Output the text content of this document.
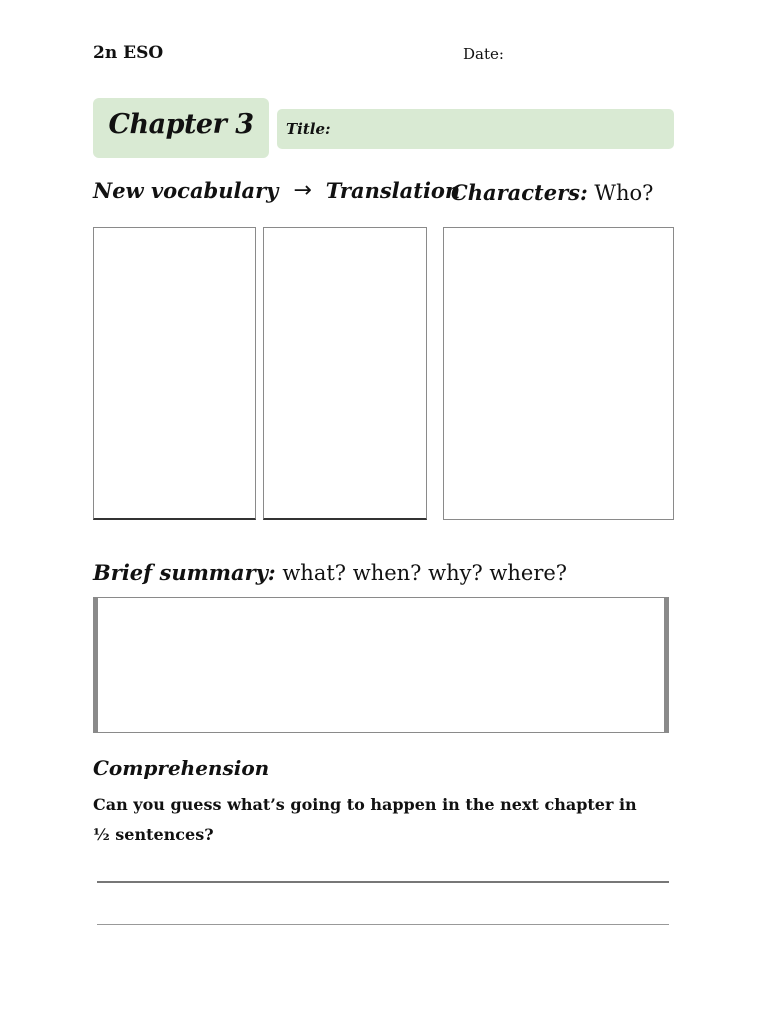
2n ESO	Date:
Chapter 3 Title:
New vocabulary → Translation
Characters: Who?
Brief summary: what? when? why? where?
Comprehension
Can you guess what’s going to happen in the next chapter in ½ sentences?
